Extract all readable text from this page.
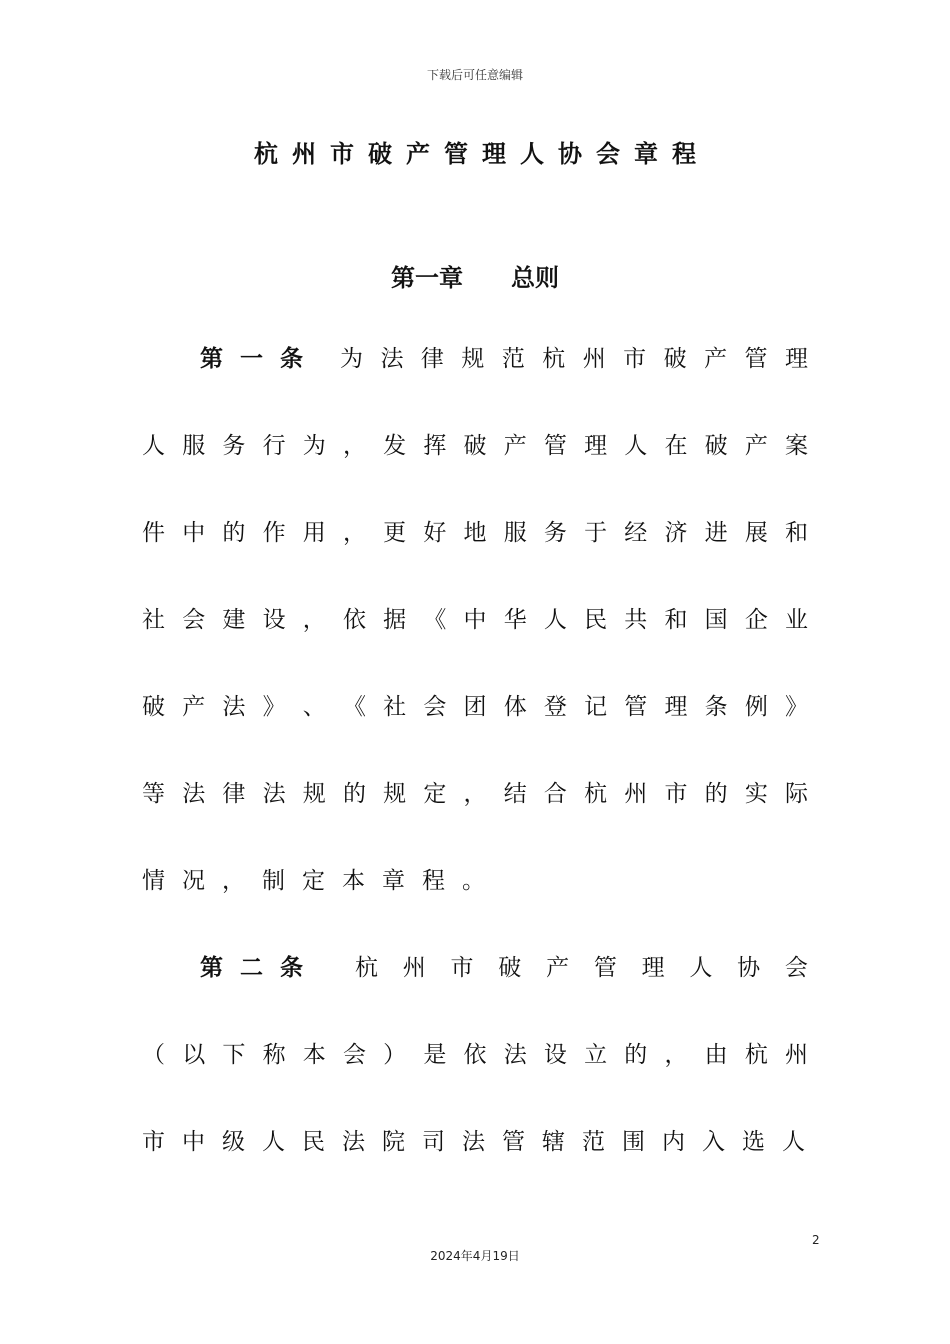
下载后可任意编辑
杭州市破产管理人协会章程
第一章　　总则
第一条 为 法 律 规 范 杭 州 市 破 产 管 理
人 服 务 行 为 ， 发 挥 破 产 管 理 人 在 破 产 案
件 中 的 作 用 ， 更 好 地 服 务 于 经 济 进 展 和
社 会 建 设 ， 依 据 《 中 华 人 民 共 和 国 企 业
破 产 法 》 、 《 社 会 团 体 登 记 管 理 条 例 》
等 法 律 法 规 的 规 定 ， 结 合 杭 州 市 的 实 际
情 况 ， 制 定 本 章 程 。
第二条 杭 州 市 破 产 管 理 人 协 会
（ 以 下 称 本 会 ） 是 依 法 设 立 的 ， 由 杭 州
市 中 级 人 民 法 院 司 法 管 辖 范 围 内 入 选 人
2
2024年4月19日
